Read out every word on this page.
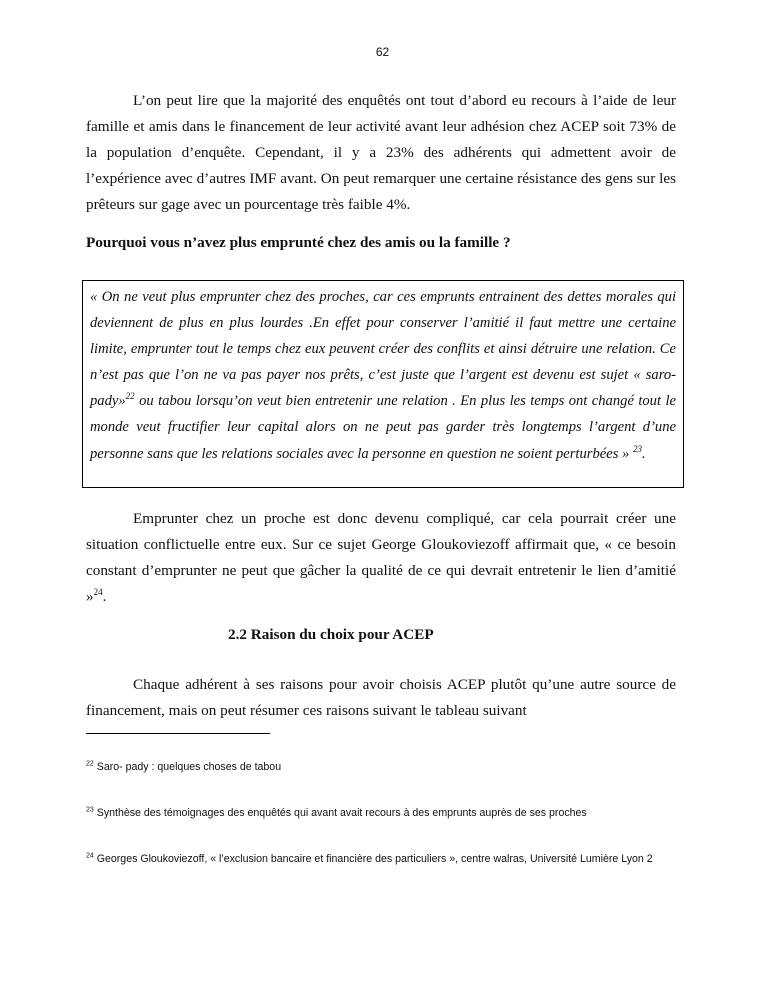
62

L’on peut lire que la majorité des enquêtés ont tout d’abord eu recours à l’aide de leur famille et amis dans le financement de leur activité avant leur adhésion chez ACEP soit 73% de la population d’enquête. Cependant, il y a 23% des adhérents qui admettent avoir de l’expérience avec d’autres IMF avant. On peut remarquer une certaine résistance des gens sur les prêteurs sur gage avec un pourcentage très faible 4%.

Pourquoi vous n’avez plus emprunté chez des amis ou la famille ?
« On ne veut plus emprunter chez des proches, car ces emprunts entrainent des dettes morales qui deviennent de plus en plus lourdes .En effet pour conserver l’amitié il faut mettre une certaine limite, emprunter tout le temps chez eux peuvent créer des conflits et ainsi détruire une relation. Ce n’est pas que l’on ne va pas payer nos prêts, c’est juste que l’argent est devenu est sujet « saro-pady»$^{22}$ ou tabou lorsqu’on veut bien entretenir une relation . En plus les temps ont changé tout le monde veut fructifier leur capital alors on ne peut pas garder très longtemps l’argent d’une personne sans que les relations sociales avec la personne en question ne soient perturbées » $^{23}$.

Emprunter chez un proche est donc devenu compliqué, car cela pourrait créer une situation conflictuelle entre eux. Sur ce sujet George Gloukoviezoff affirmait que, « ce besoin constant d’emprunter ne peut que gâcher la qualité de ce qui devrait entretenir le lien d’amitié »$^{24}$.

2.2 Raison du choix pour ACEP

Chaque adhérent à ses raisons pour avoir choisis ACEP plutôt qu’une autre source de financement, mais on peut résumer ces raisons suivant le tableau suivant

$^{22}$ Saro- pady : quelques choses de tabou
$^{23}$ Synthèse des témoignages des enquêtés qui avant avait recours à des emprunts auprès de ses proches
$^{24}$ Georges Gloukoviezoff, « l’exclusion bancaire et financière des particuliers », centre walras, Université Lumière Lyon 2
